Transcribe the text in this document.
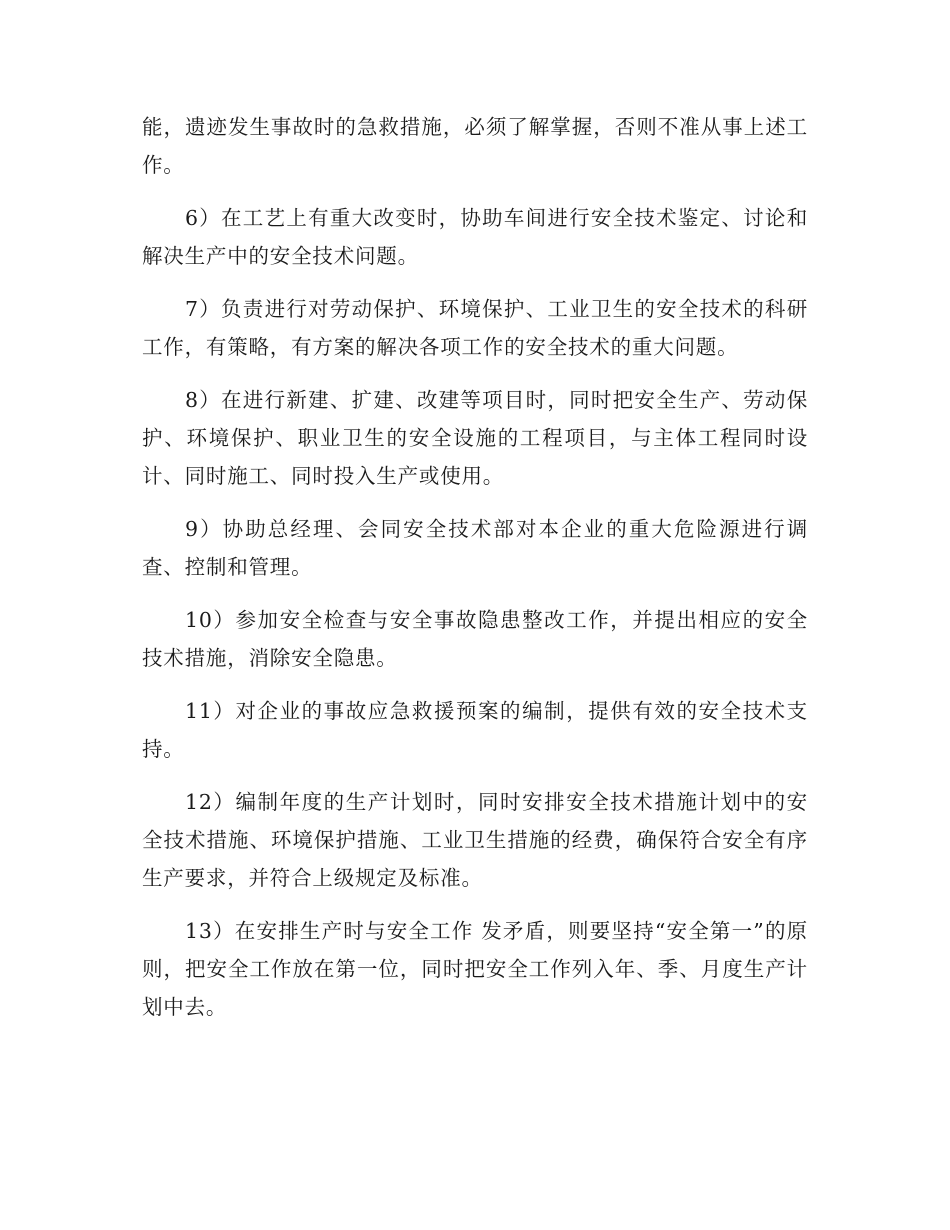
能，遗迹发生事故时的急救措施，必须了解掌握，否则不准从事上述工作。

6）在工艺上有重大改变时，协助车间进行安全技术鉴定、讨论和解决生产中的安全技术问题。

7）负责进行对劳动保护、环境保护、工业卫生的安全技术的科研工作，有策略，有方案的解决各项工作的安全技术的重大问题。

8）在进行新建、扩建、改建等项目时，同时把安全生产、劳动保护、环境保护、职业卫生的安全设施的工程项目，与主体工程同时设计、同时施工、同时投入生产或使用。

9）协助总经理、会同安全技术部对本企业的重大危险源进行调查、控制和管理。

10）参加安全检查与安全事故隐患整改工作，并提出相应的安全技术措施，消除安全隐患。

11）对企业的事故应急救援预案的编制，提供有效的安全技术支持。

12）编制年度的生产计划时，同时安排安全技术措施计划中的安全技术措施、环境保护措施、工业卫生措施的经费，确保符合安全有序生产要求，并符合上级规定及标准。

13）在安排生产时与安全工作 发矛盾，则要坚持“安全第一”的原则，把安全工作放在第一位，同时把安全工作列入年、季、月度生产计划中去。
